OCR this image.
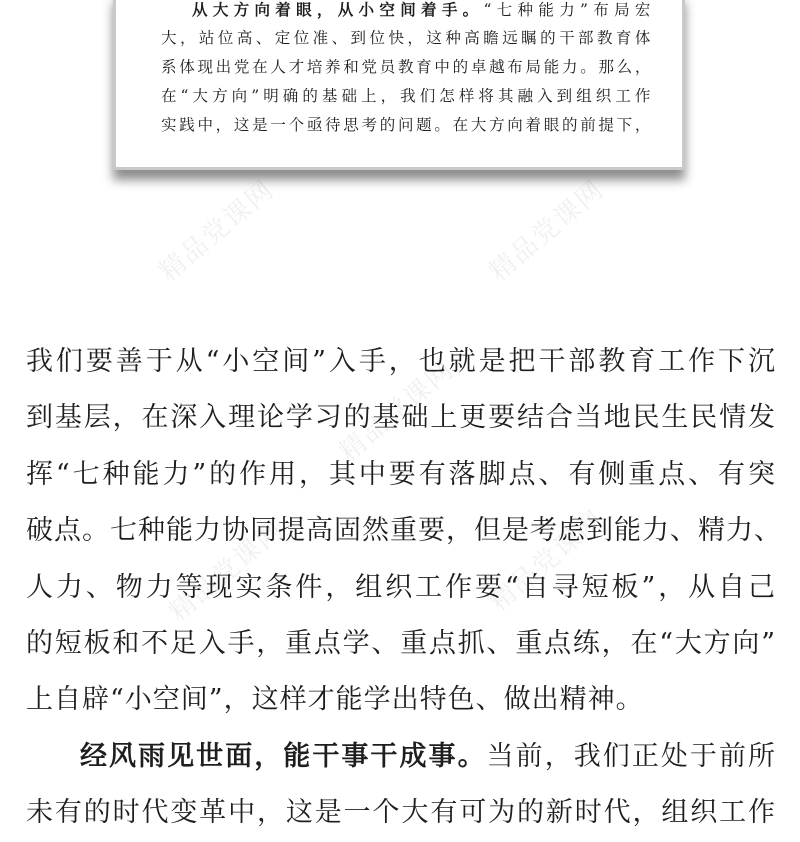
精品党课网	精品党课网
精品党课网
精品党课网	精品党课网
从大方向着眼，从小空间着手。“七种能力”布局宏
大，站位高、定位准、到位快，这种高瞻远瞩的干部教育体
系体现出党在人才培养和党员教育中的卓越布局能力。那么，
在“大方向”明确的基础上，我们怎样将其融入到组织工作
实践中，这是一个亟待思考的问题。在大方向着眼的前提下，
我们要善于从“小空间”入手，也就是把干部教育工作下沉
到基层，在深入理论学习的基础上更要结合当地民生民情发
挥“七种能力”的作用，其中要有落脚点、有侧重点、有突
破点。七种能力协同提高固然重要，但是考虑到能力、精力、
人力、物力等现实条件，组织工作要“自寻短板”，从自己
的短板和不足入手，重点学、重点抓、重点练，在“大方向”
上自辟“小空间”，这样才能学出特色、做出精神。
经风雨见世面，能干事干成事。当前，我们正处于前所
未有的时代变革中，这是一个大有可为的新时代，组织工作
